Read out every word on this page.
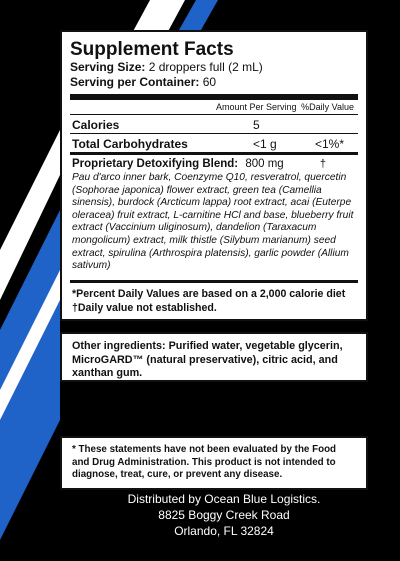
Supplement Facts
Serving Size: 2 droppers full (2 mL)
Serving per Container: 60
Amount Per Serving %Daily Value
Calories	5
Total Carbohydrates	<1 g	<1%*
Proprietary Detoxifying Blend: 800 mg	†
Pau d'arco inner bark, Coenzyme Q10, resveratrol, quercetin (Sophorae japonica) flower extract, green tea (Camellia sinensis), burdock (Arcticum lappa) root extract, acai (Euterpe oleracea) fruit extract, L-carnitine HCl and base, blueberry fruit extract (Vaccinium uliginosum), dandelion (Taraxacum mongolicum) extract, milk thistle (Silybum marianum) seed extract, spirulina (Arthrospira platensis), garlic powder (Allium sativum)
*Percent Daily Values are based on a 2,000 calorie diet
†Daily value not established.
Other ingredients: Purified water, vegetable glycerin, MicroGARD™ (natural preservative), citric acid, and xanthan gum.
* These statements have not been evaluated by the Food and Drug Administration. This product is not intended to diagnose, treat, cure, or prevent any disease.
Distributed by Ocean Blue Logistics.
8825 Boggy Creek Road
Orlando, FL 32824
